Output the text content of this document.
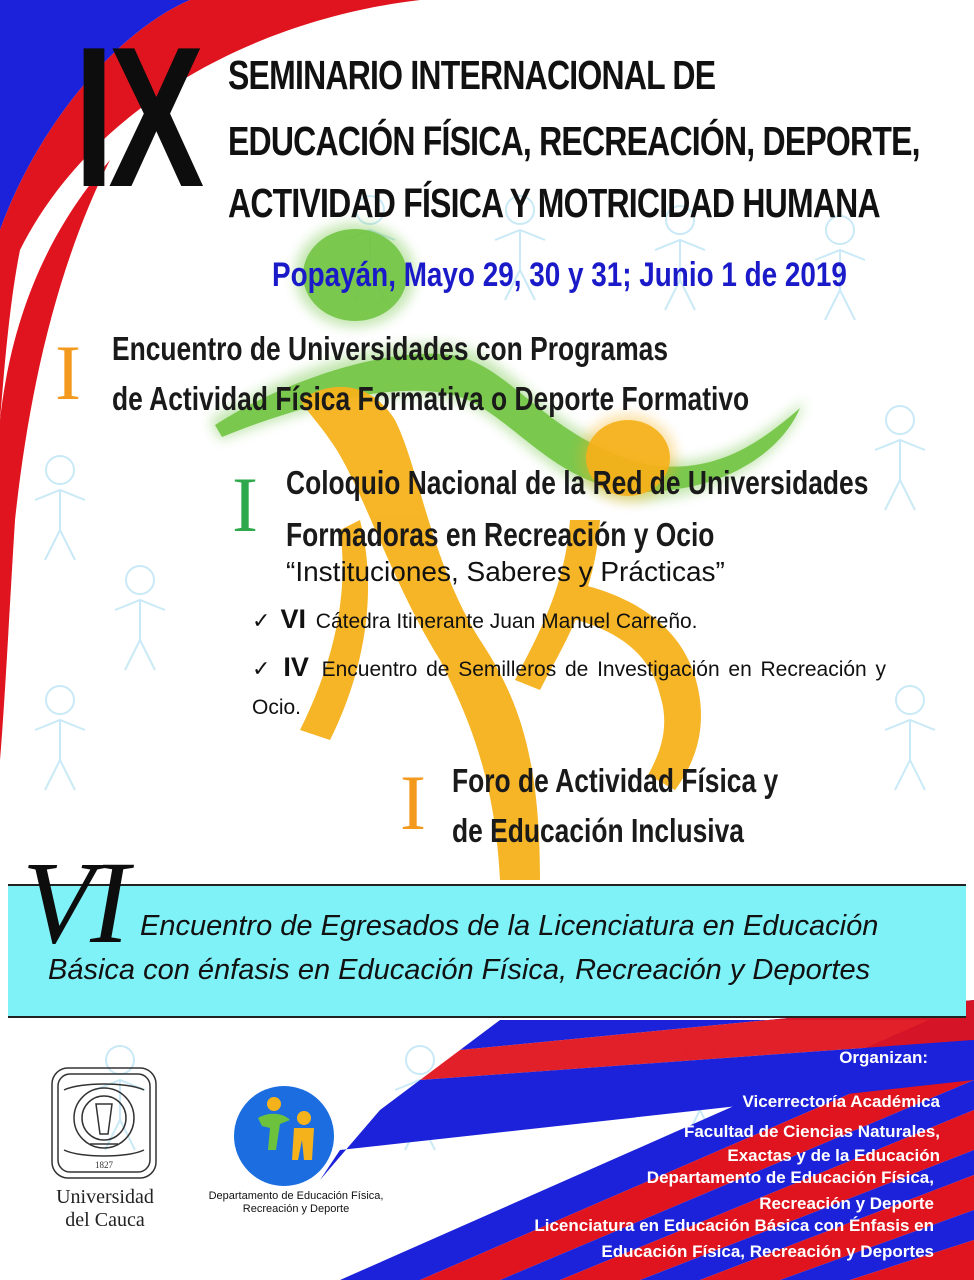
1827
IX SEMINARIO INTERNACIONAL DE
EDUCACIÓN FÍSICA, RECREACIÓN, DEPORTE,
ACTIVIDAD FÍSICA Y MOTRICIDAD HUMANA
Popayán, Mayo 29, 30 y 31; Junio 1 de 2019
I Encuentro de Universidades con Programas
de Actividad Física Formativa o Deporte Formativo
I Coloquio Nacional de la Red de Universidades
Formadoras en Recreación y Ocio
“Instituciones, Saberes y Prácticas”
✓ VI Cátedra Itinerante Juan Manuel Carreño.
✓ IV Encuentro de Semilleros de Investigación en Recreación y Ocio.
I Foro de Actividad Física y
de Educación Inclusiva
VI Encuentro de Egresados de la Licenciatura en Educación
Básica con énfasis en Educación Física, Recreación y Deportes
Organizan:
Vicerrectoría Académica
Facultad de Ciencias Naturales,
Exactas y de la Educación
Departamento de Educación Física,
Recreación y Deporte
Licenciatura en Educación Básica con Énfasis en
Educación Física, Recreación y Deportes
Universidad del Cauca
Departamento de Educación Física, Recreación y Deporte
